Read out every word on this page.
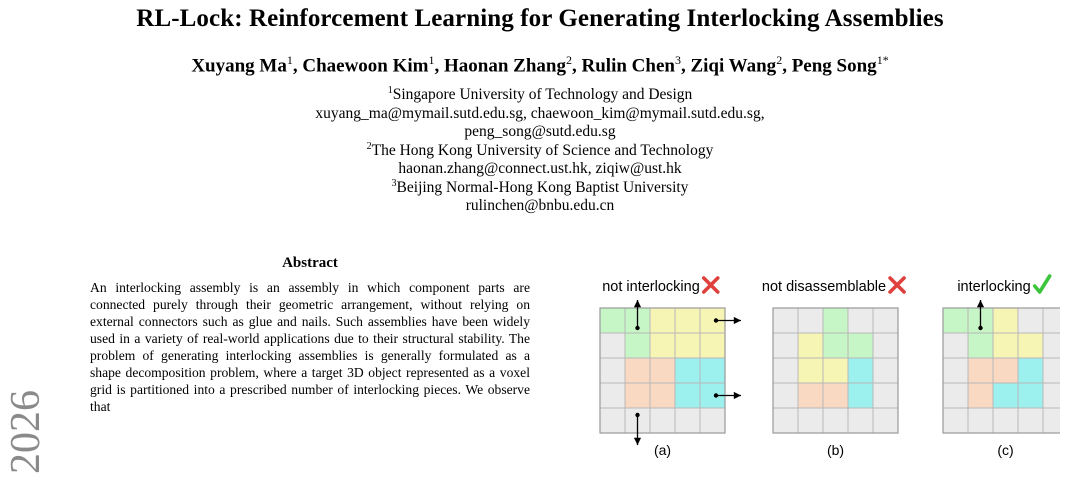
RL-Lock: Reinforcement Learning for Generating Interlocking Assemblies
Xuyang Ma$^1$, Chaewoon Kim$^1$, Haonan Zhang$^2$, Rulin Chen$^3$, Ziqi Wang$^2$, Peng Song$^{1*}$
$^1$Singapore University of Technology and Design
xuyang_ma@mymail.sutd.edu.sg, chaewoon_kim@mymail.sutd.edu.sg,
peng_song@sutd.edu.sg
$^2$The Hong Kong University of Science and Technology
haonan.zhang@connect.ust.hk, ziqiw@ust.hk
$^3$Beijing Normal-Hong Kong Baptist University
rulinchen@bnbu.edu.cn
2026
Abstract
An interlocking assembly is an assembly in which component parts are connected purely through their geometric arrangement, without relying on external connectors such as glue and nails. Such assemblies have been widely used in a variety of real-world applications due to their structural stability. The problem of generating interlocking assemblies is generally formulated as a shape decomposition problem, where a target 3D object represented as a voxel grid is partitioned into a prescribed number of interlocking pieces. We observe that
not interlocking
(a)
not disassemblable
(b)
interlocking
(c)
